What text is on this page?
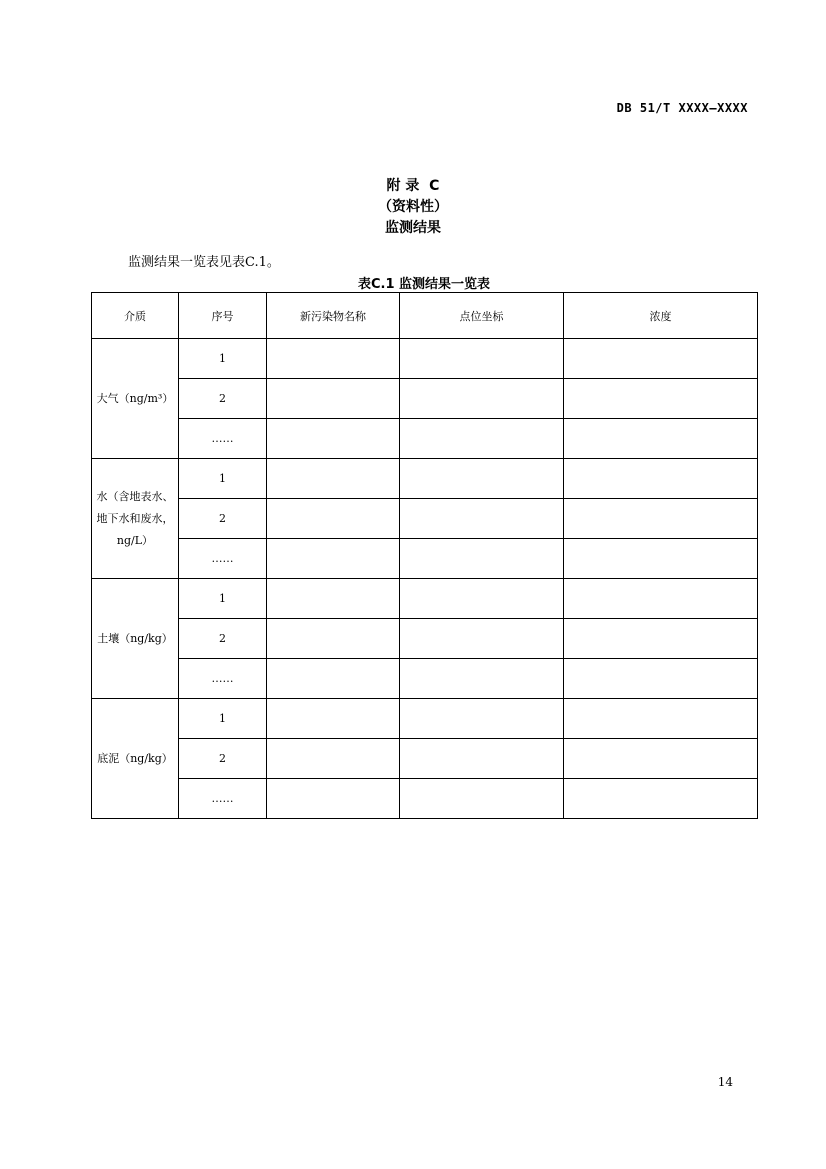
DB 51/T XXXX—XXXX
附 录  C
（资料性）
监测结果
监测结果一览表见表C.1。
表C.1 监测结果一览表
介质	序号	新污染物名称	点位坐标	浓度
大气（ng/m³）	1			
	2			
	……			
水（含地表水、地下水和废水，ng/L）	1			
	2			
	……			
土壤（ng/kg）	1			
	2			
	……			
底泥（ng/kg）	1			
	2			
	……			
14
